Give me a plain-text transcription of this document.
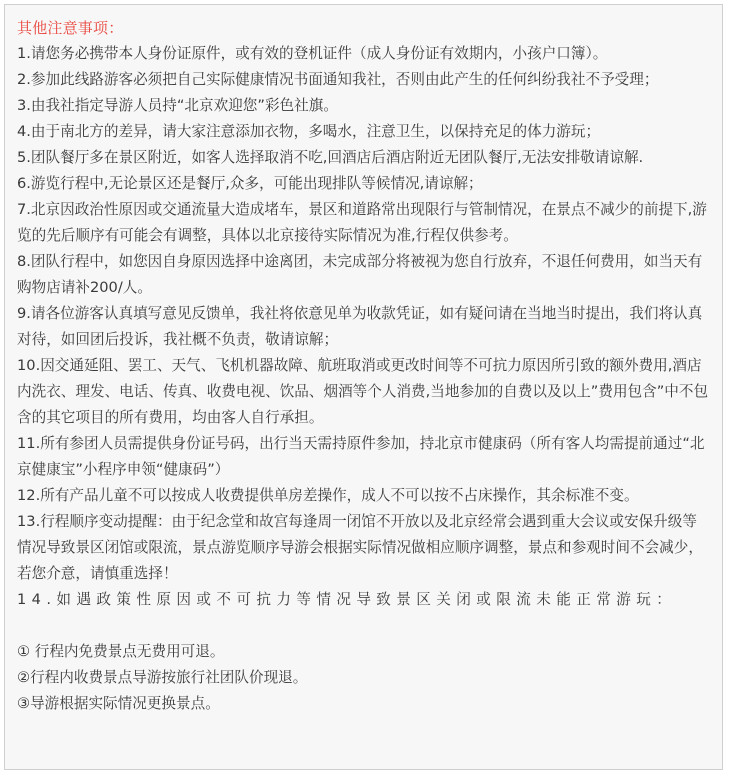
其他注意事项：

1.请您务必携带本人身份证原件，或有效的登机证件（成人身份证有效期内，小孩户口簿）。

2.参加此线路游客必须把自己实际健康情况书面通知我社，否则由此产生的任何纠纷我社不予受理；

3.由我社指定导游人员持“北京欢迎您”彩色社旗。

4.由于南北方的差异，请大家注意添加衣物，多喝水，注意卫生，以保持充足的体力游玩；

5.团队餐厅多在景区附近，如客人选择取消不吃,回酒店后酒店附近无团队餐厅,无法安排敬请谅解.

6.游览行程中,无论景区还是餐厅,众多，可能出现排队等候情况,请谅解；

7.北京因政治性原因或交通流量大造成堵车，景区和道路常出现限行与管制情况，在景点不减少的前提下,游览的先后顺序有可能会有调整，具体以北京接待实际情况为准,行程仅供参考。

8.团队行程中，如您因自身原因选择中途离团，未完成部分将被视为您自行放弃，不退任何费用，如当天有购物店请补200/人。

9.请各位游客认真填写意见反馈单，我社将依意见单为收款凭证，如有疑问请在当地当时提出，我们将认真对待，如回团后投诉，我社概不负责，敬请谅解；

10.因交通延阻、罢工、天气、飞机机器故障、航班取消或更改时间等不可抗力原因所引致的额外费用,酒店内洗衣、理发、电话、传真、收费电视、饮品、烟酒等个人消费,当地参加的自费以及以上”费用包含”中不包含的其它项目的所有费用，均由客人自行承担。

11.所有参团人员需提供身份证号码，出行当天需持原件参加，持北京市健康码（所有客人均需提前通过“北京健康宝”小程序申领“健康码”）

12.所有产品儿童不可以按成人收费提供单房差操作，成人不可以按不占床操作，其余标准不变。

13.行程顺序变动提醒：由于纪念堂和故宫每逢周一闭馆不开放以及北京经常会遇到重大会议或安保升级等情况导致景区闭馆或限流，景点游览顺序导游会根据实际情况做相应顺序调整，景点和参观时间不会减少，若您介意，请慎重选择！

14.如遇政策性原因或不可抗力等情况导致景区关闭或限流未能正常游玩：

① 行程内免费景点无费用可退。

②行程内收费景点导游按旅行社团队价现退。

③导游根据实际情况更换景点。
